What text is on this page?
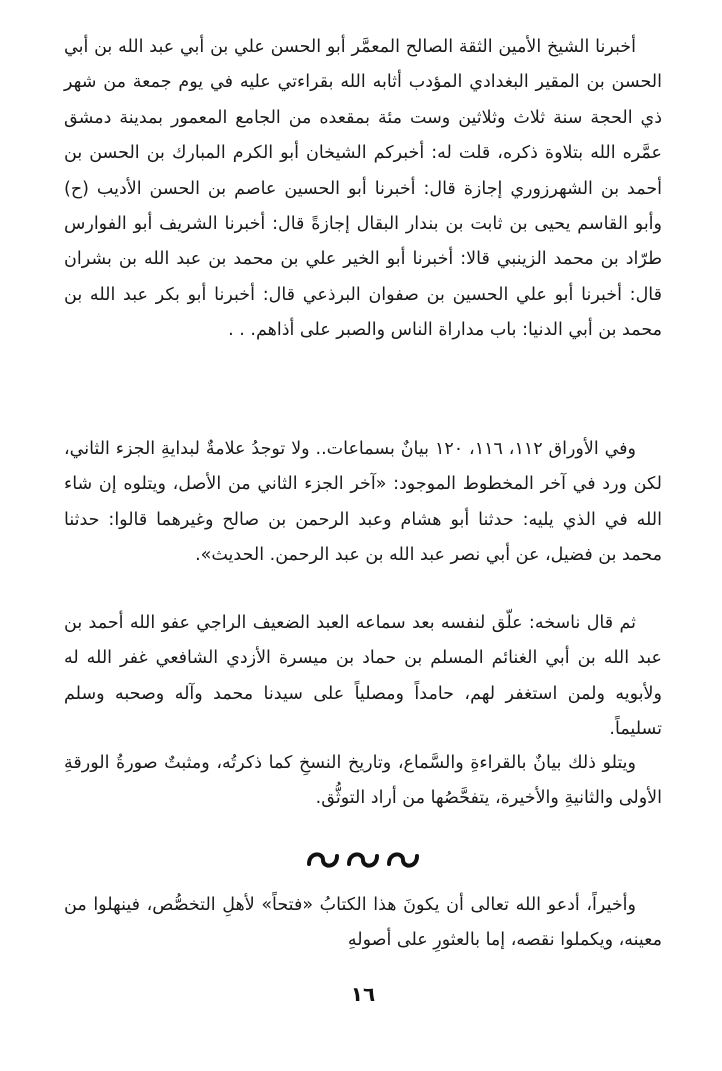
أخبرنا الشيخ الأمين الثقة الصالح المعمَّر أبو الحسن علي بن أبي عبد الله بن أبي الحسن بن المقير البغدادي المؤدب أثابه الله بقراءتي عليه في يوم جمعة من شهر ذي الحجة سنة ثلاث وثلاثين وست مئة بمقعده من الجامع المعمور بمدينة دمشق عمَّره الله بتلاوة ذكره، قلت له: أخبركم الشيخان أبو الكرم المبارك بن الحسن بن أحمد بن الشهرزوري إجازة قال: أخبرنا أبو الحسين عاصم بن الحسن الأديب (ح) وأبو القاسم يحيى بن ثابت بن بندار البقال إجازةً قال: أخبرنا الشريف أبو الفوارس طرّاد بن محمد الزينبي قالا: أخبرنا أبو الخير علي بن محمد بن عبد الله بن بشران قال: أخبرنا أبو علي الحسين بن صفوان البرذعي قال: أخبرنا أبو بكر عبد الله بن محمد بن أبي الدنيا: باب مداراة الناس والصبر على أذاهم. . .

وفي الأوراق ١١٢، ١١٦، ١٢٠ بيانٌ بسماعات.. ولا توجدُ علامةٌ لبدايةِ الجزء الثاني، لكن ورد في آخر المخطوط الموجود: «آخر الجزء الثاني من الأصل، ويتلوه إن شاء الله في الذي يليه: حدثنا أبو هشام وعبد الرحمن بن صالح وغيرهما قالوا: حدثنا محمد بن فضيل، عن أبي نصر عبد الله بن عبد الرحمن. الحديث».

ثم قال ناسخه: علّق لنفسه بعد سماعه العبد الضعيف الراجي عفو الله أحمد بن عبد الله بن أبي الغنائم المسلم بن حماد بن ميسرة الأزدي الشافعي غفر الله له ولأبويه ولمن استغفر لهم، حامداً ومصلياً على سيدنا محمد وآله وصحبه وسلم تسليماً.

ويتلو ذلك بيانٌ بالقراءةِ والسَّماع، وتاريخ النسخِ كما ذكرتُه، ومثبتٌ صورةُ الورقةِ الأولى والثانيةِ والأخيرة، يتفحَّصُها من أراد التوثُّق.

وأخيراً، أدعو الله تعالى أن يكونَ هذا الكتابُ «فتحاً» لأهلِ التخصُّص، فينهلوا من معينه، ويكملوا نقصه، إما بالعثورِ على أصولهِ

١٦
